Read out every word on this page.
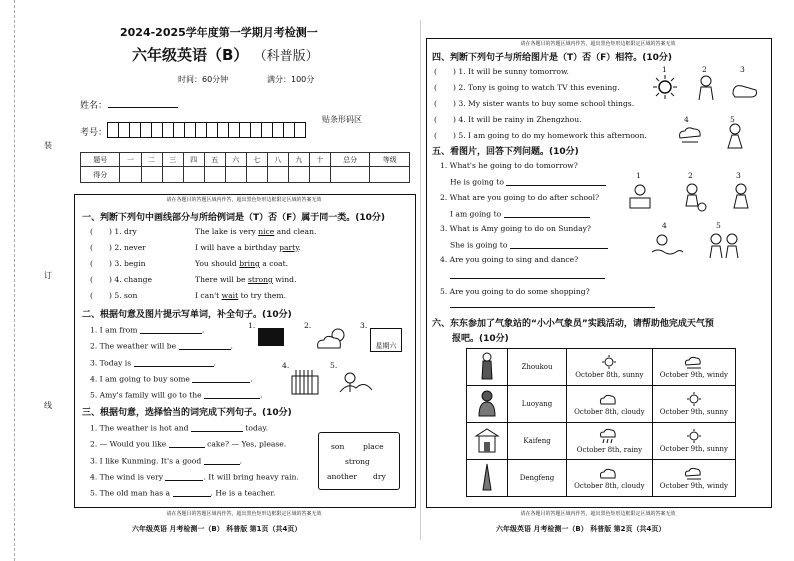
装
订
线
2024-2025学年度第一学期月考检测一
六年级英语（B） （科普版）
时间：60分钟	满分：100分
姓名：
考号：
贴条形码区
题号	一	二	三	四	五	六	七	八	九	十	总分	等级
得分												
请在各题目的答题区域内作答，超出黑色矩形边框限定区域的答案无效
请在各题目的答题区域内作答，超出黑色矩形边框限定区域的答案无效
一、判断下列句中画线部分与所给例词是（T）否（F）属于同一类。(10分)
( ) 1. dry	The lake is very nice and clean.
( ) 2. never	I will have a birthday party.
( ) 3. begin	You should bring a coat.
( ) 4. change	There will be strong wind.
( ) 5. son	I can't wait to try them.
二、根据句意及图片提示写单词，补全句子。(10分)
1. I am from	.
2. The weather will be	.
3. Today is	.
4. I am going to buy some	.
5. Amy's family will go to the	.
1.	2.	3.
星期六
4.	5.
三、根据句意，选择恰当的词完成下列句子。(10分)
1. The weather is hot and	today.
2. — Would you like	cake? — Yes, please.
3. I like Kunming. It's a good	.
4. The wind is very	. It will bring heavy rain.
5. The old man has a	. He is a teacher.
son place
strong
another dry
六年级英语 月考检测一（B） 科普版 第1页（共4页）
请在各题目的答题区域内作答，超出黑色矩形边框限定区域的答案无效
请在各题目的答题区域内作答，超出黑色矩形边框限定区域的答案无效
四、判断下列句子与所给图片是（T）否（F）相符。(10分)
( ) 1. It will be sunny tomorrow.
( ) 2. Tony is going to watch TV this evening.
( ) 3. My sister wants to buy some school things.
( ) 4. It will be rainy in Zhengzhou.
( ) 5. I am going to do my homework this afternoon.
1	2	3
4	5
五、看图片，回答下列问题。(10分)
1. What's he going to do tomorrow?
He is going to
2. What are you going to do after school?
I am going to
3. What is Amy going to do on Sunday?
She is going to
4. Are you going to sing and dance?
5. Are you going to do some shopping?
1	2	3
4	5
六、东东参加了气象站的“小小气象员”实践活动，请帮助他完成天气预
报吧。(10分)
	Zhoukou	October 8th, sunny	October 9th, windy
	Luoyang	October 8th, cloudy	October 9th, sunny
	Kaifeng	October 8th, rainy	October 9th, sunny
	Dengfeng	October 8th, cloudy	October 9th, windy
六年级英语 月考检测一（B） 科普版 第2页（共4页）
